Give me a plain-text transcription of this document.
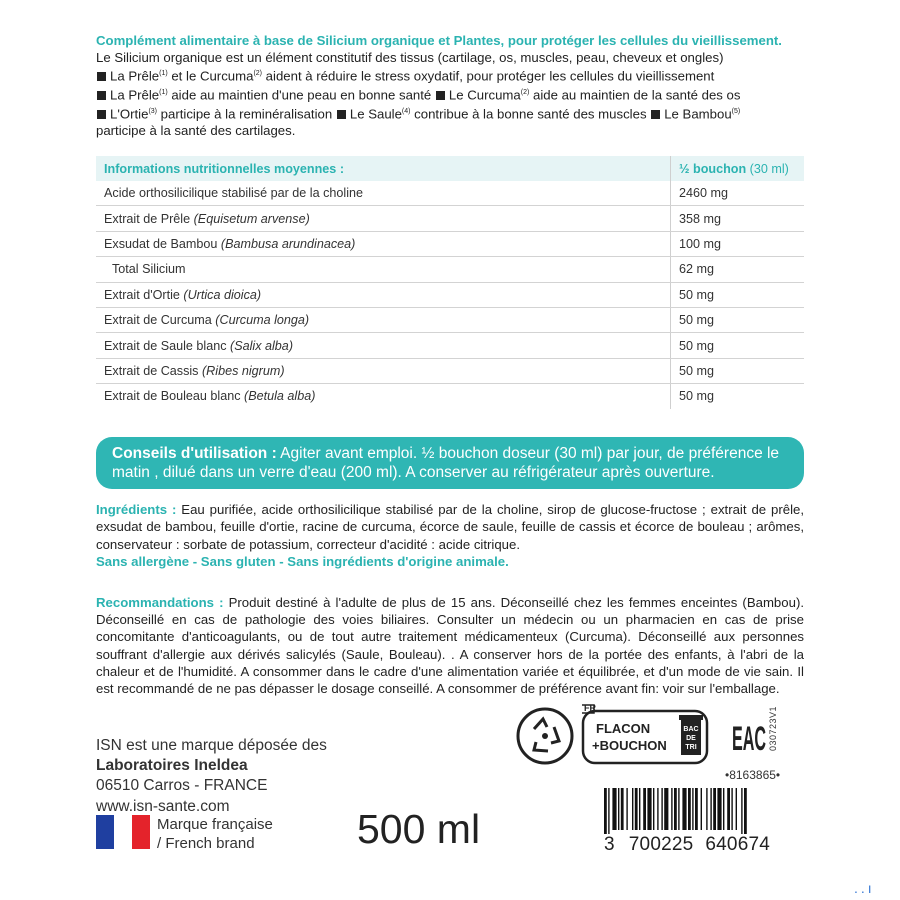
Complément alimentaire à base de Silicium organique et Plantes, pour protéger les cellules du vieillissement.
Le Silicium organique est un élément constitutif des tissus (cartilage, os, muscles, peau, cheveux et ongles)
La Prêle$^{(1)}$ et le Curcuma$^{(2)}$ aident à réduire le stress oxydatif, pour protéger les cellules du vieillissement
La Prêle$^{(1)}$ aide au maintien d'une peau en bonne santé Le Curcuma$^{(2)}$ aide au maintien de la santé des os
L'Ortie$^{(3)}$ participe à la reminéralisation Le Saule$^{(4)}$ contribue à la bonne santé des muscles Le Bambou$^{(5)}$
participe à la santé des cartilages.
Informations nutritionnelles moyennes :	½ bouchon (30 ml)
Acide orthosilicilique stabilisé par de la choline	2460 mg
Extrait de Prêle (Equisetum arvense)	358 mg
Exsudat de Bambou (Bambusa arundinacea)	100 mg
Total Silicium	62 mg
Extrait d'Ortie (Urtica dioica)	50 mg
Extrait de Curcuma (Curcuma longa)	50 mg
Extrait de Saule blanc (Salix alba)	50 mg
Extrait de Cassis (Ribes nigrum)	50 mg
Extrait de Bouleau blanc (Betula alba)	50 mg
Conseils d'utilisation : Agiter avant emploi. ½ bouchon doseur (30 ml) par jour, de préférence le matin , dilué dans un verre d'eau (200 ml). A conserver au réfrigérateur après ouverture.
Ingrédients : Eau purifiée, acide orthosilicilique stabilisé par de la choline, sirop de glucose-fructose ; extrait de prêle, exsudat de bambou, feuille d'ortie, racine de curcuma, écorce de saule, feuille de cassis et écorce de bouleau ; arômes, conservateur : sorbate de potassium, correcteur d'acidité : acide citrique.
Sans allergène - Sans gluten - Sans ingrédients d'origine animale.
Recommandations : Produit destiné à l'adulte de plus de 15 ans. Déconseillé chez les femmes enceintes (Bambou). Déconseillé en cas de pathologie des voies biliaires. Consulter un médecin ou un pharmacien en cas de prise concomitante d'anticoagulants, ou de tout autre traitement médicamenteux (Curcuma). Déconseillé aux personnes souffrant d'allergie aux dérivés salicylés (Saule, Bouleau). . A conserver hors de la portée des enfants, à l'abri de la chaleur et de l'humidité. A consommer dans le cadre d'une alimentation variée et équilibrée, et d'un mode de vie sain. Il est recommandé de ne pas dépasser le dosage conseillé. A consommer de préférence avant fin: voir sur l'emballage.
ISN est une marque déposée des
Laboratoires Ineldea
06510 Carros - FRANCE
www.isn-sante.com
Marque française
/ French brand	500 ml
FR
FLACON
+BOUCHON
BAC
DE
TRI EAC 030723V1
•8163865•
3 700225 640674
..ı
